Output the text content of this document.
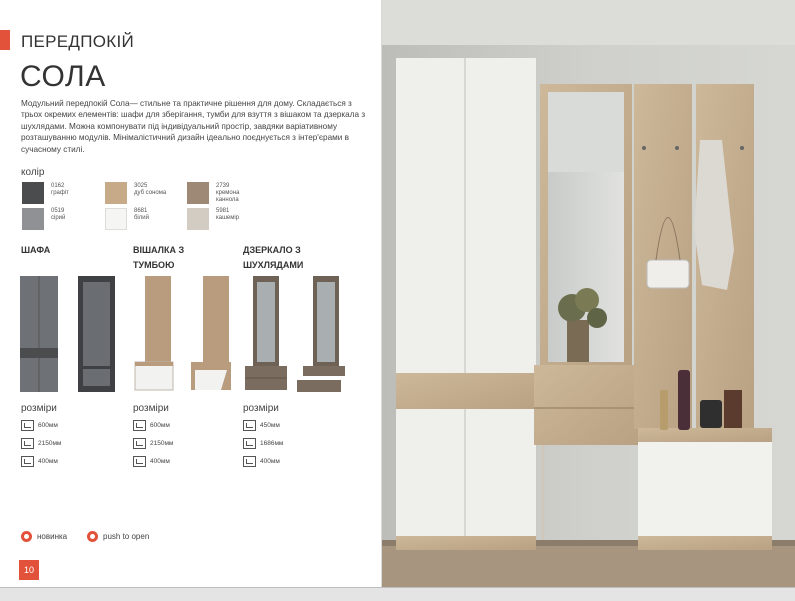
ПЕРЕДПОКІЙ
СОЛА
Модульний передпокій Сола— стильне та практичне рішення для дому. Складається з трьох окремих елементів: шафи для зберігання, тумби для взуття з вішаком та дзеркала з шухлядами. Можна компонувати під індивідуальний простір, завдяки варіативному розташуванню модулів. Мінімалістичний дизайн ідеально поєднується з інтер'єрами в сучасному стилі.
колір
0162
графіт
0519
сірий
3025
дуб сонома
8681
білий
2739
кремона каннола
5981
кашемір
ШАФА	ВІШАЛКА З ТУМБОЮ
ДЗЕРКАЛО З ШУХЛЯДАМИ
розміри
600мм
2150мм
400мм
розміри
600мм
2150мм
400мм
розміри
450мм
1686мм
400мм
новинка	push to open
10
